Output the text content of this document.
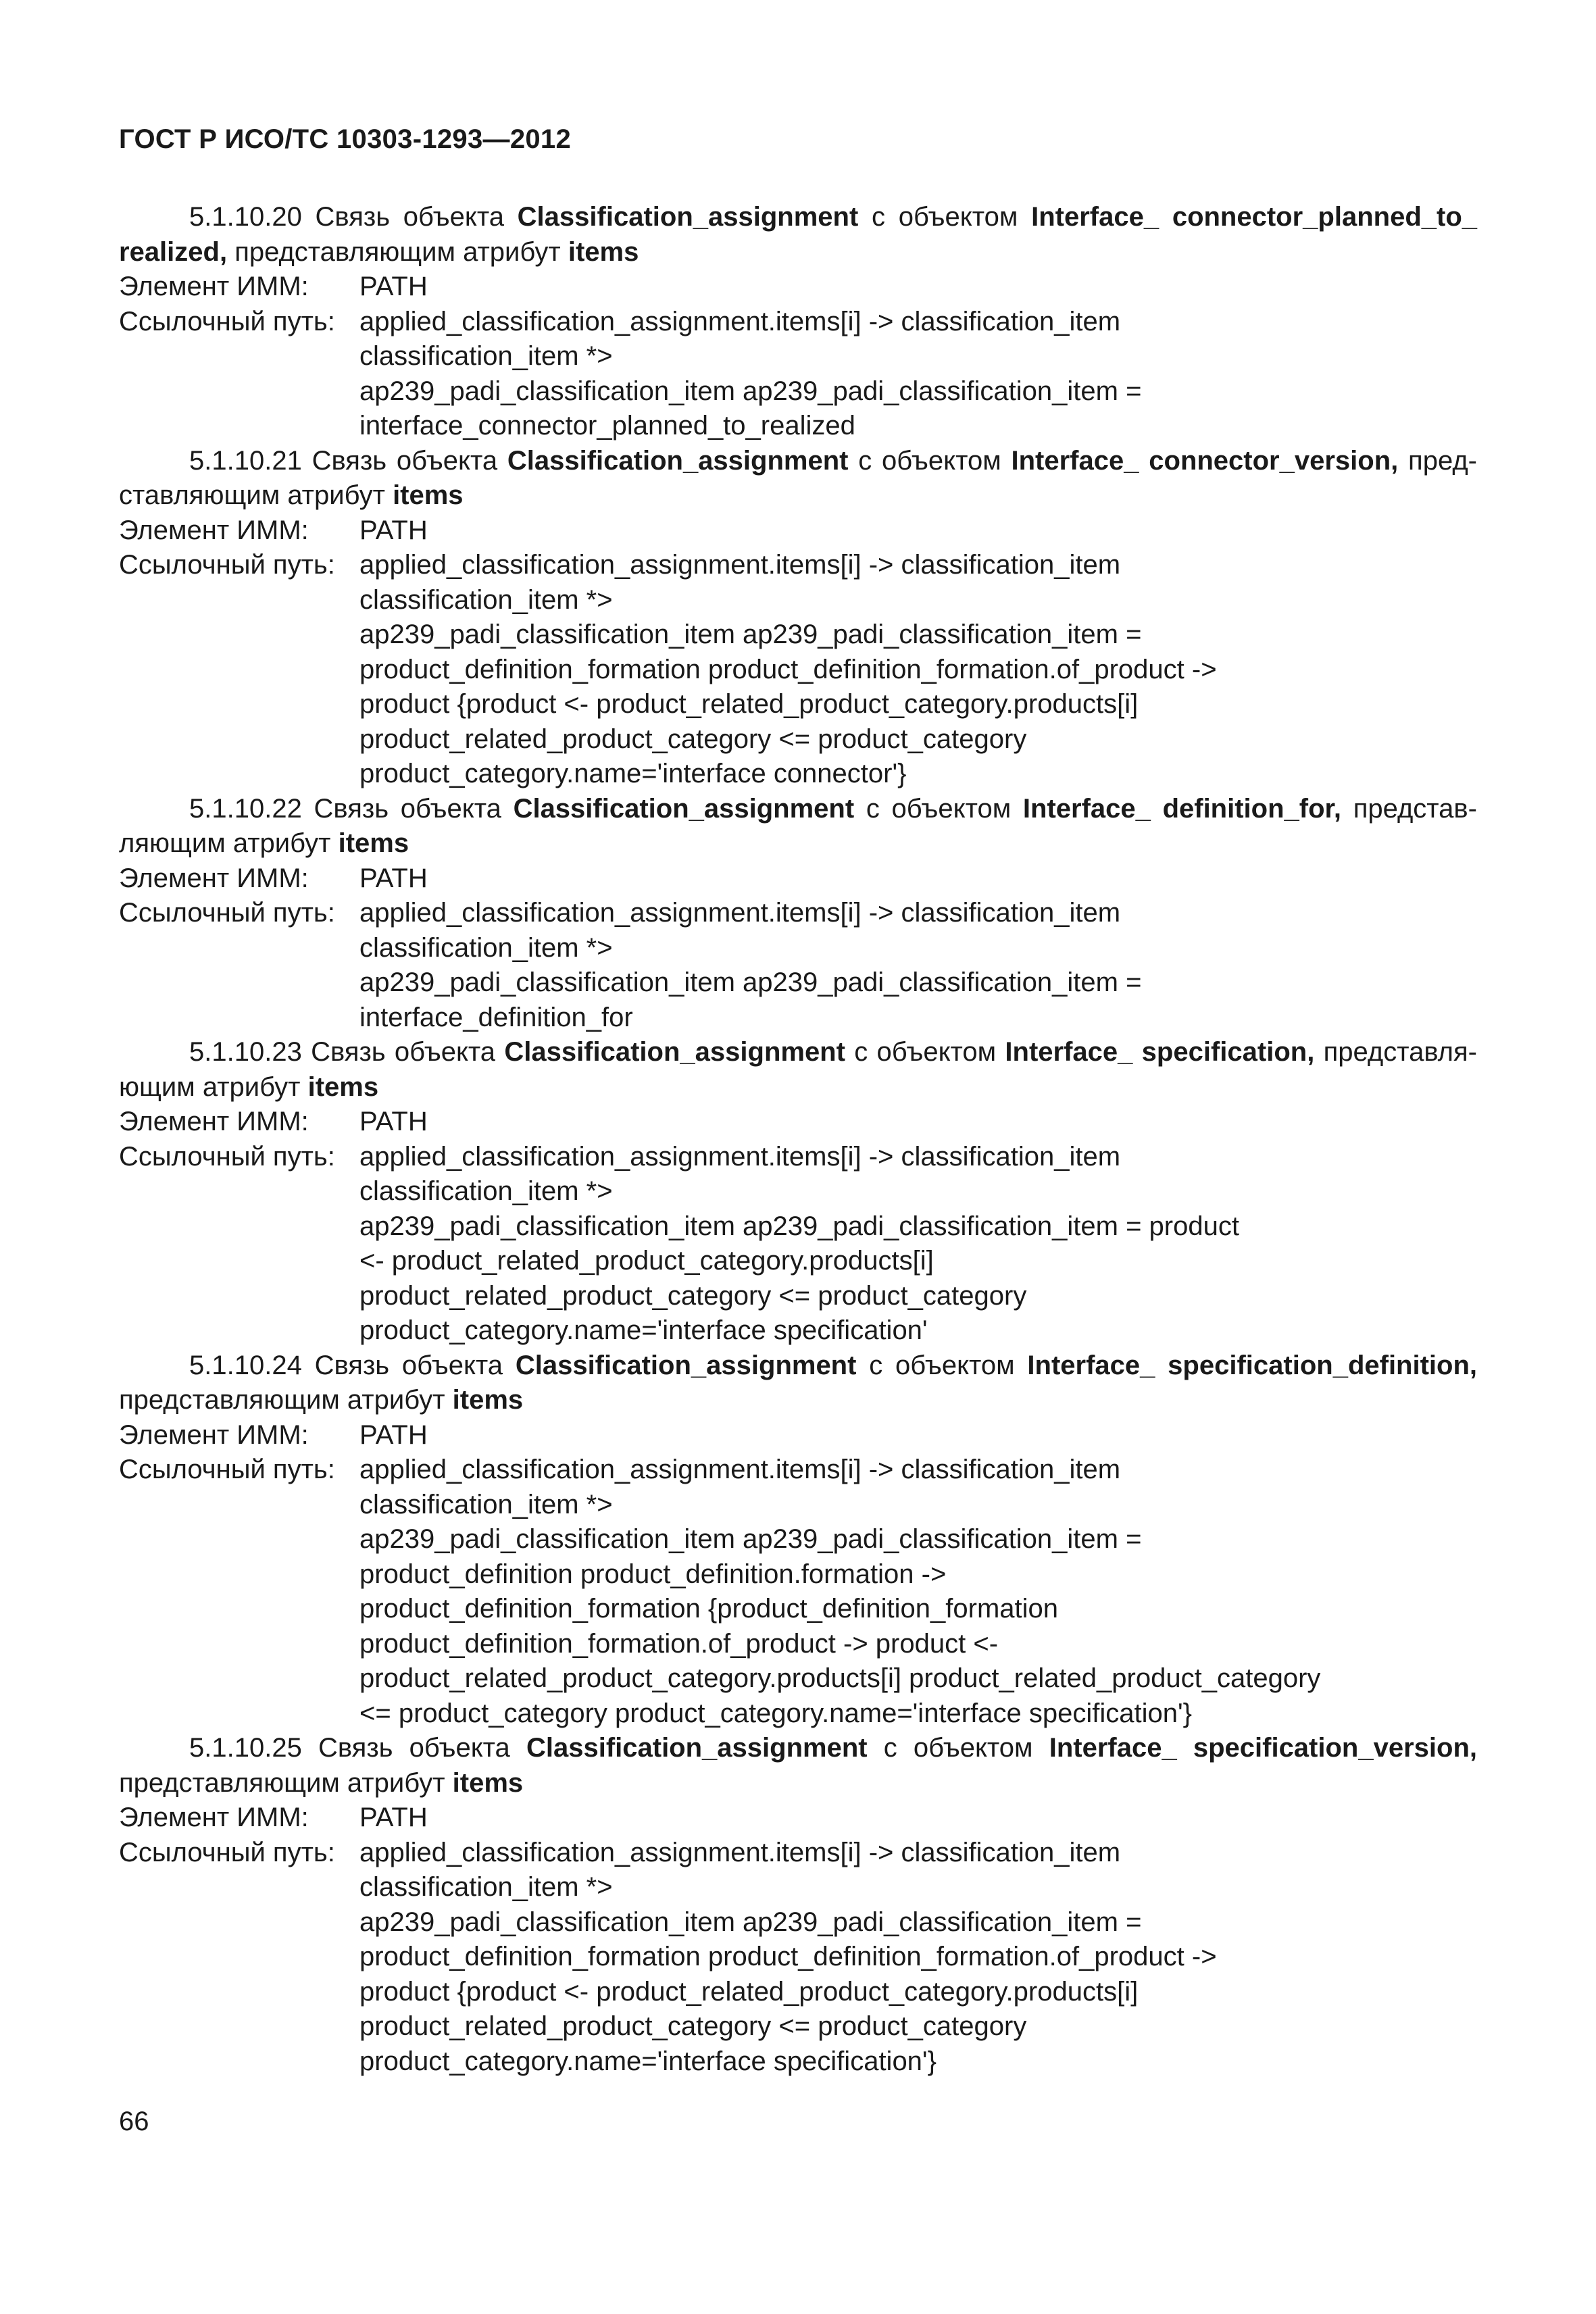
ГОСТ Р ИСО/ТС 10303-1293—2012
5.1.10.20 Связь объекта Classification_assignment с объектом Interface_ connector_planned_to_ realized, представляющим атрибут items
Элемент ИММ:	PATH
Ссылочный путь: applied_classification_assignment.items[i] -> classification_item
classification_item *>
ap239_padi_classification_item ap239_padi_classification_item =
interface_connector_planned_to_realized
5.1.10.21 Связь объекта Classification_assignment с объектом Interface_ connector_version, представляющим атрибут items
Элемент ИММ:	PATH
Ссылочный путь: applied_classification_assignment.items[i] -> classification_item
classification_item *>
ap239_padi_classification_item ap239_padi_classification_item =
product_definition_formation product_definition_formation.of_product ->
product {product <- product_related_product_category.products[i]
product_related_product_category <= product_category
product_category.name='interface connector'}
5.1.10.22 Связь объекта Classification_assignment с объектом Interface_ definition_for, представляющим атрибут items
Элемент ИММ:	PATH
Ссылочный путь: applied_classification_assignment.items[i] -> classification_item
classification_item *>
ap239_padi_classification_item ap239_padi_classification_item =
interface_definition_for
5.1.10.23 Связь объекта Classification_assignment с объектом Interface_ specification, представляющим атрибут items
Элемент ИММ:	PATH
Ссылочный путь: applied_classification_assignment.items[i] -> classification_item
classification_item *>
ap239_padi_classification_item ap239_padi_classification_item = product
<- product_related_product_category.products[i]
product_related_product_category <= product_category
product_category.name='interface specification'
5.1.10.24 Связь объекта Classification_assignment с объектом Interface_ specification_definition, представляющим атрибут items
Элемент ИММ:	PATH
Ссылочный путь: applied_classification_assignment.items[i] -> classification_item
classification_item *>
ap239_padi_classification_item ap239_padi_classification_item =
product_definition product_definition.formation ->
product_definition_formation {product_definition_formation
product_definition_formation.of_product -> product <-
product_related_product_category.products[i] product_related_product_category
<= product_category product_category.name='interface specification'}
5.1.10.25 Связь объекта Classification_assignment с объектом Interface_ specification_version, представляющим атрибут items
Элемент ИММ:	PATH
Ссылочный путь: applied_classification_assignment.items[i] -> classification_item
classification_item *>
ap239_padi_classification_item ap239_padi_classification_item =
product_definition_formation product_definition_formation.of_product ->
product {product <- product_related_product_category.products[i]
product_related_product_category <= product_category
product_category.name='interface specification'}
66
